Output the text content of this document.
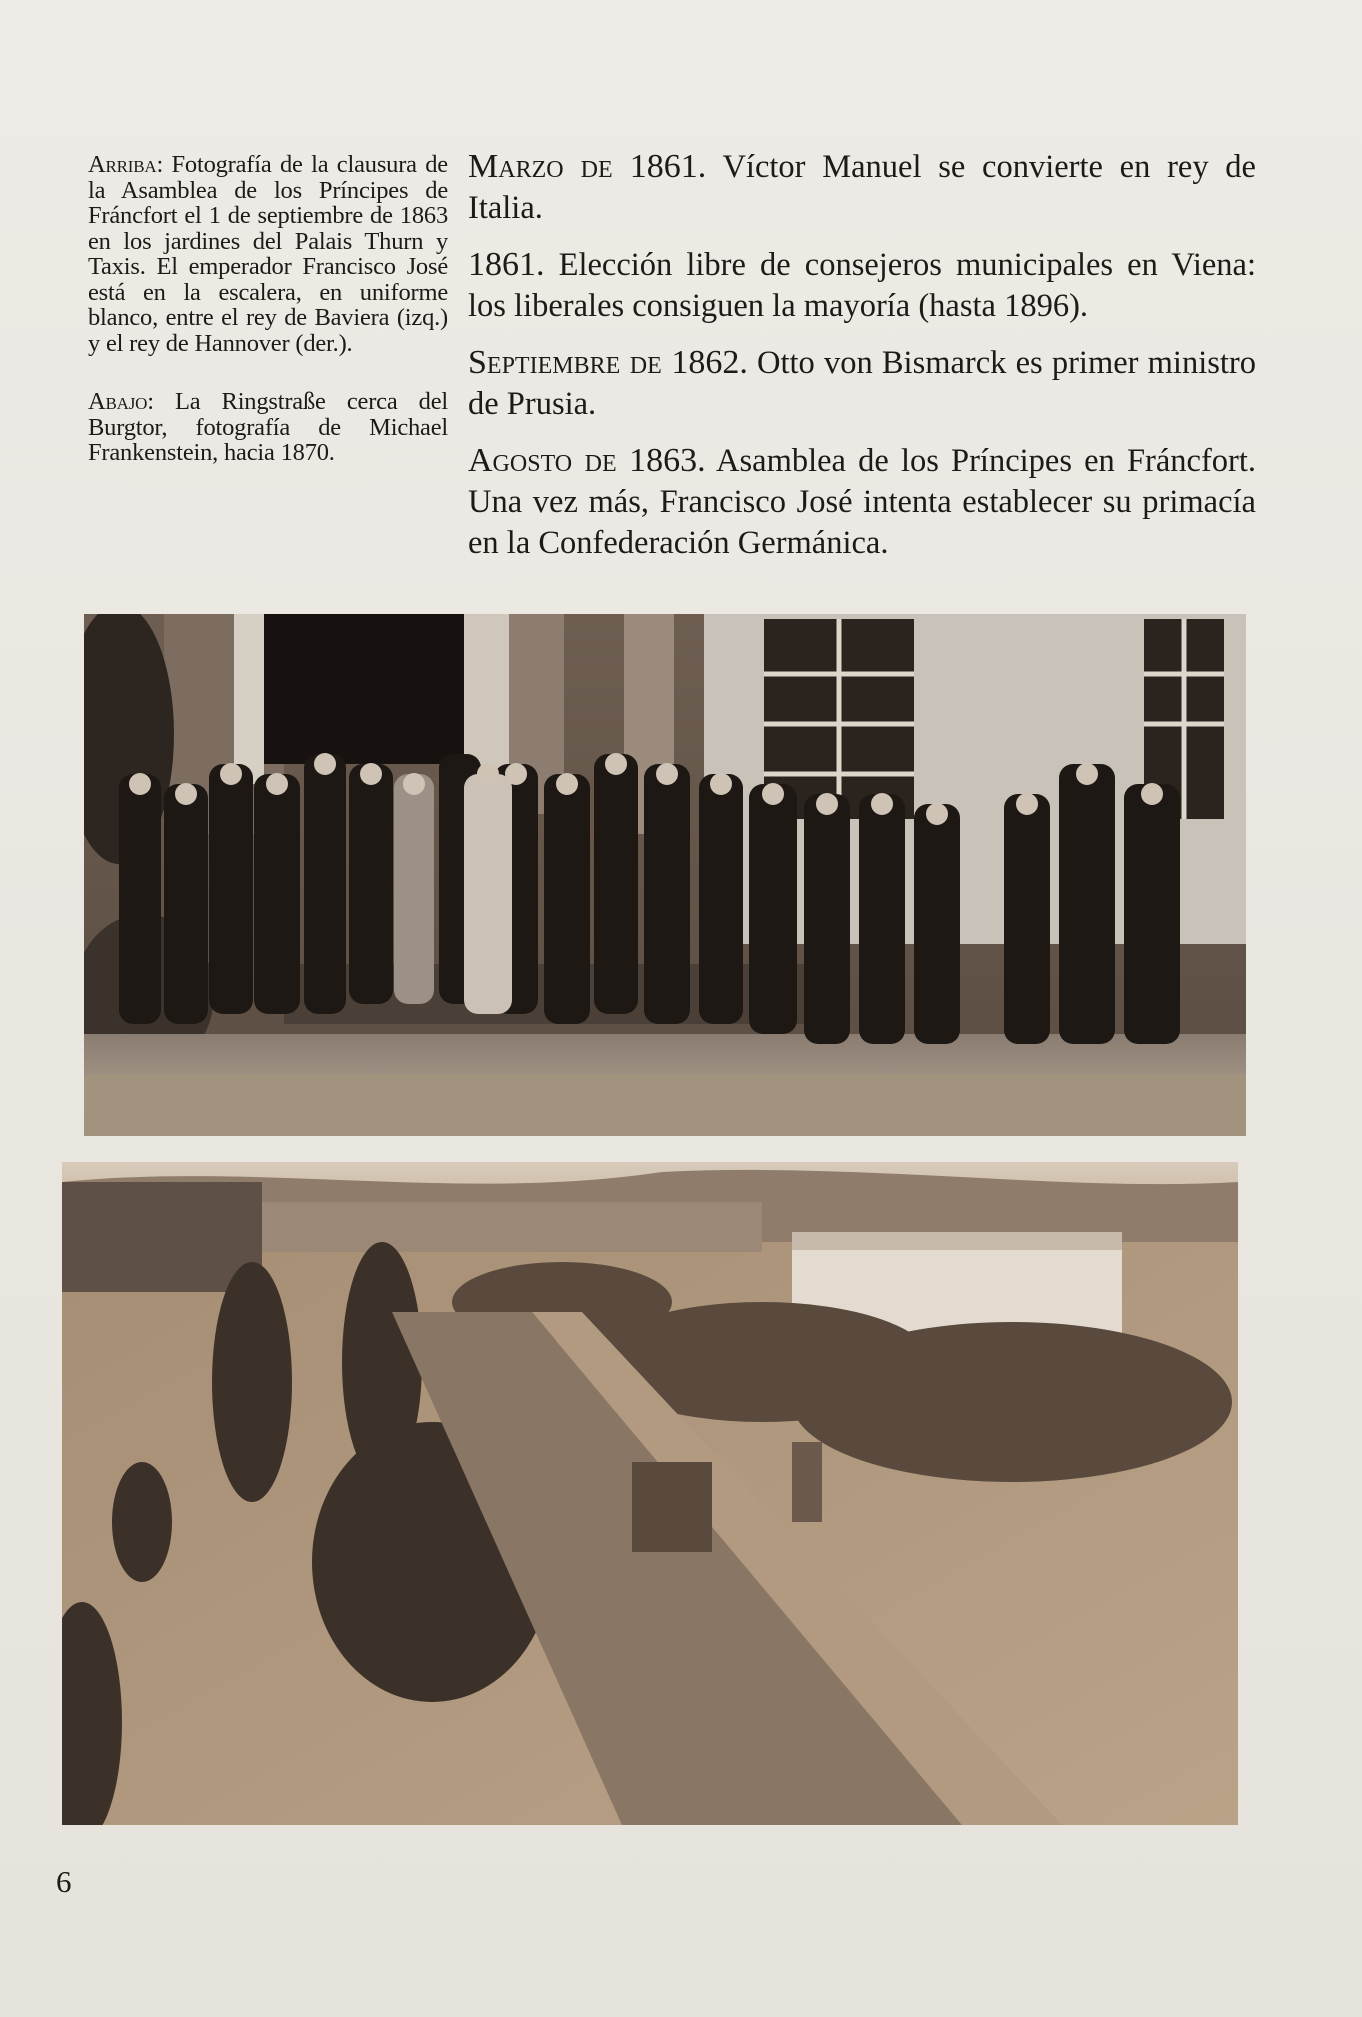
Arriba: Fotografía de la clausura de la Asamblea de los Príncipes de Fráncfort el 1 de septiembre de 1863 en los jardines del Palais Thurn y Taxis. El emperador Francisco José está en la escalera, en uniforme blanco, entre el rey de Baviera (izq.) y el rey de Hannover (der.).

Abajo: La Ringstraße cerca del Burgtor, fotografía de Michael Frankenstein, hacia 1870.

Marzo de 1861. Víctor Manuel se convierte en rey de Italia.

1861. Elección libre de consejeros municipales en Viena: los liberales consiguen la mayoría (hasta 1896).

Septiembre de 1862. Otto von Bismarck es primer ministro de Prusia.

Agosto de 1863. Asamblea de los Príncipes en Fráncfort. Una vez más, Francisco José intenta establecer su primacía en la Confederación Germánica.

6
